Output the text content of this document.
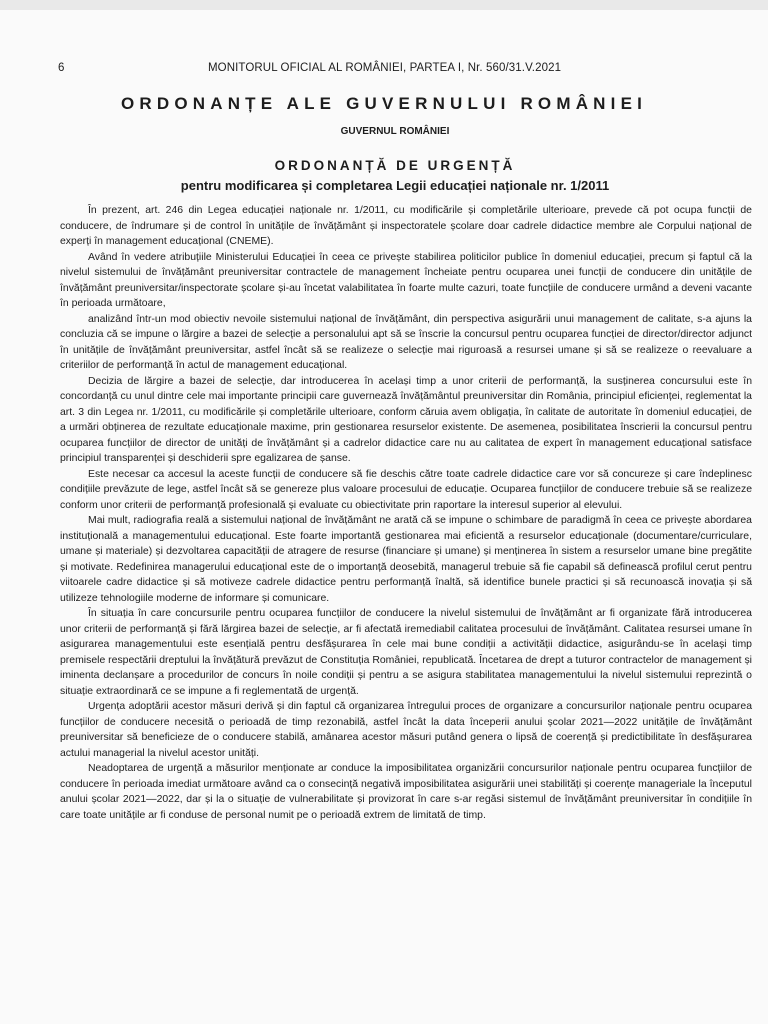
6	MONITORUL OFICIAL AL ROMÂNIEI, PARTEA I, Nr. 560/31.V.2021
ORDONANȚE ALE GUVERNULUI ROMÂNIEI
GUVERNUL ROMÂNIEI
ORDONANȚĂ DE URGENȚĂ
pentru modificarea și completarea Legii educației naționale nr. 1/2011

În prezent, art. 246 din Legea educației naționale nr. 1/2011, cu modificările și completările ulterioare, prevede că pot ocupa funcții de conducere, de îndrumare și de control în unitățile de învățământ și inspectoratele școlare doar cadrele didactice membre ale Corpului național de experți în management educațional (CNEME).

Având în vedere atribuțiile Ministerului Educației în ceea ce privește stabilirea politicilor publice în domeniul educației, precum și faptul că la nivelul sistemului de învățământ preuniversitar contractele de management încheiate pentru ocuparea unei funcții de conducere din unitățile de învățământ preuniversitar/inspectorate școlare și-au încetat valabilitatea în foarte multe cazuri, toate funcțiile de conducere urmând a deveni vacante în perioada următoare,

analizând într-un mod obiectiv nevoile sistemului național de învățământ, din perspectiva asigurării unui management de calitate, s-a ajuns la concluzia că se impune o lărgire a bazei de selecție a personalului apt să se înscrie la concursul pentru ocuparea funcției de director/director adjunct în unitățile de învățământ preuniversitar, astfel încât să se realizeze o selecție mai riguroasă a resursei umane și să se realizeze o reevaluare a criteriilor de performanță în actul de management educațional.

Decizia de lărgire a bazei de selecție, dar introducerea în același timp a unor criterii de performanță, la susținerea concursului este în concordanță cu unul dintre cele mai importante principii care guvernează învățământul preuniversitar din România, principiul eficienței, reglementat la art. 3 din Legea nr. 1/2011, cu modificările și completările ulterioare, conform căruia avem obligația, în calitate de autoritate în domeniul educației, de a urmări obținerea de rezultate educaționale maxime, prin gestionarea resurselor existente. De asemenea, posibilitatea înscrierii la concursul pentru ocuparea funcțiilor de director de unități de învățământ și a cadrelor didactice care nu au calitatea de expert în management educațional satisface principiul transparenței și deschiderii spre egalizarea de șanse.

Este necesar ca accesul la aceste funcții de conducere să fie deschis către toate cadrele didactice care vor să concureze și care îndeplinesc condițiile prevăzute de lege, astfel încât să se genereze plus valoare procesului de educație. Ocuparea funcțiilor de conducere trebuie să se realizeze conform unor criterii de performanță profesională și evaluate cu obiectivitate prin raportare la interesul superior al elevului.

Mai mult, radiografia reală a sistemului național de învățământ ne arată că se impune o schimbare de paradigmă în ceea ce privește abordarea instituțională a managementului educațional. Este foarte importantă gestionarea mai eficientă a resurselor educaționale (documentare/curriculare, umane și materiale) și dezvoltarea capacității de atragere de resurse (financiare și umane) și menținerea în sistem a resurselor umane bine pregătite și motivate. Redefinirea managerului educațional este de o importanță deosebită, managerul trebuie să fie capabil să definească profilul cerut pentru viitoarele cadre didactice și să motiveze cadrele didactice pentru performanță înaltă, să identifice bunele practici și să recunoască inovația și să utilizeze tehnologiile moderne de informare și comunicare.

În situația în care concursurile pentru ocuparea funcțiilor de conducere la nivelul sistemului de învățământ ar fi organizate fără introducerea unor criterii de performanță și fără lărgirea bazei de selecție, ar fi afectată iremediabil calitatea procesului de învățământ. Calitatea resursei umane în asigurarea managementului este esențială pentru desfășurarea în cele mai bune condiții a activității didactice, asigurându-se în același timp premisele respectării dreptului la învățătură prevăzut de Constituția României, republicată. Încetarea de drept a tuturor contractelor de management și iminenta declanșare a procedurilor de concurs în noile condiții și pentru a se asigura stabilitatea managementului la nivelul sistemului reprezintă o situație extraordinară ce se impune a fi reglementată de urgență.

Urgența adoptării acestor măsuri derivă și din faptul că organizarea întregului proces de organizare a concursurilor naționale pentru ocuparea funcțiilor de conducere necesită o perioadă de timp rezonabilă, astfel încât la data începerii anului școlar 2021—2022 unitățile de învățământ preuniversitar să beneficieze de o conducere stabilă, amânarea acestor măsuri putând genera o lipsă de coerență și predictibilitate în desfășurarea actului managerial la nivelul acestor unități.

Neadoptarea de urgență a măsurilor menționate ar conduce la imposibilitatea organizării concursurilor naționale pentru ocuparea funcțiilor de conducere în perioada imediat următoare având ca o consecință negativă imposibilitatea asigurării unei stabilități și coerențe manageriale la începutul anului școlar 2021—2022, dar și la o situație de vulnerabilitate și provizorat în care s-ar regăsi sistemul de învățământ preuniversitar în condițiile în care toate unitățile ar fi conduse de personal numit pe o perioadă extrem de limitată de timp.
